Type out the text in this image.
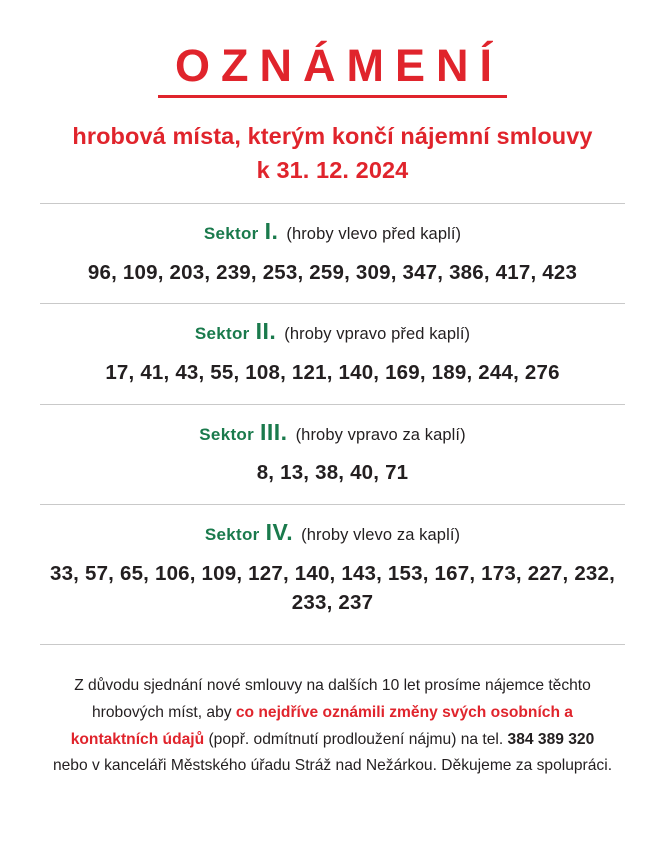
OZNÁMENÍ
hrobová místa, kterým končí nájemní smlouvy
k 31. 12. 2024
Sektor I. (hroby vlevo před kaplí)
96, 109, 203, 239, 253, 259, 309, 347, 386, 417, 423
Sektor II. (hroby vpravo před kaplí)
17, 41, 43, 55, 108, 121, 140, 169, 189, 244, 276
Sektor III. (hroby vpravo za kaplí)
8, 13, 38, 40, 71
Sektor IV. (hroby vlevo za kaplí)
33, 57, 65, 106, 109, 127, 140, 143, 153, 167, 173, 227, 232, 233, 237
Z důvodu sjednání nové smlouvy na dalších 10 let prosíme nájemce těchto hrobových míst, aby co nejdříve oznámili změny svých osobních a kontaktních údajů (popř. odmítnutí prodloužení nájmu) na tel. 384 389 320 nebo v kanceláři Městského úřadu Stráž nad Nežárkou. Děkujeme za spolupráci.
